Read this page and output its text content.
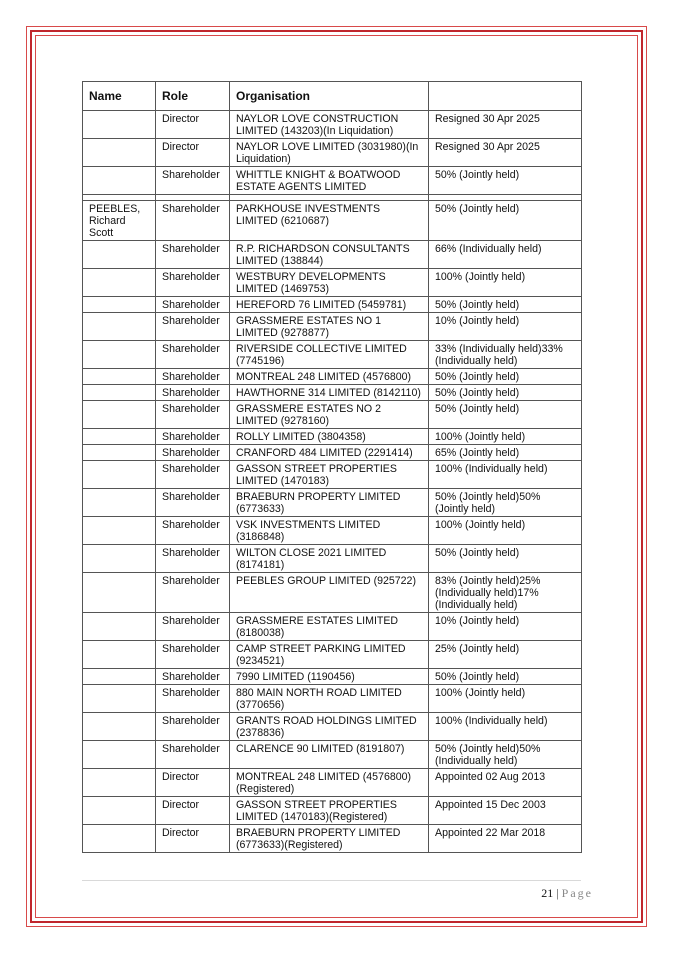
Name	Role	Organisation	
	Director	NAYLOR LOVE CONSTRUCTION LIMITED (143203)(In Liquidation)	Resigned 30 Apr 2025
	Director	NAYLOR LOVE LIMITED (3031980)(In Liquidation)	Resigned 30 Apr 2025
	Shareholder	WHITTLE KNIGHT & BOATWOOD ESTATE AGENTS LIMITED	50% (Jointly held)

PEEBLES, Richard Scott	Shareholder	PARKHOUSE INVESTMENTS LIMITED (6210687)	50% (Jointly held)
	Shareholder	R.P. RICHARDSON CONSULTANTS LIMITED (138844)	66% (Individually held)
	Shareholder	WESTBURY DEVELOPMENTS LIMITED (1469753)	100% (Jointly held)
	Shareholder	HEREFORD 76 LIMITED (5459781)	50% (Jointly held)
	Shareholder	GRASSMERE ESTATES NO 1 LIMITED (9278877)	10% (Jointly held)
	Shareholder	RIVERSIDE COLLECTIVE LIMITED (7745196)	33% (Individually held)33% (Individually held)
	Shareholder	MONTREAL 248 LIMITED (4576800)	50% (Jointly held)
	Shareholder	HAWTHORNE 314 LIMITED (8142110)	50% (Jointly held)
	Shareholder	GRASSMERE ESTATES NO 2 LIMITED (9278160)	50% (Jointly held)
	Shareholder	ROLLY LIMITED (3804358)	100% (Jointly held)
	Shareholder	CRANFORD 484 LIMITED (2291414)	65% (Jointly held)
	Shareholder	GASSON STREET PROPERTIES LIMITED (1470183)	100% (Individually held)
	Shareholder	BRAEBURN PROPERTY LIMITED (6773633)	50% (Jointly held)50% (Jointly held)
	Shareholder	VSK INVESTMENTS LIMITED (3186848)	100% (Jointly held)
	Shareholder	WILTON CLOSE 2021 LIMITED (8174181)	50% (Jointly held)
	Shareholder	PEEBLES GROUP LIMITED (925722)	83% (Jointly held)25% (Individually held)17% (Individually held)
	Shareholder	GRASSMERE ESTATES LIMITED (8180038)	10% (Jointly held)
	Shareholder	CAMP STREET PARKING LIMITED (9234521)	25% (Jointly held)
	Shareholder	7990 LIMITED (1190456)	50% (Jointly held)
	Shareholder	880 MAIN NORTH ROAD LIMITED (3770656)	100% (Jointly held)
	Shareholder	GRANTS ROAD HOLDINGS LIMITED (2378836)	100% (Individually held)
	Shareholder	CLARENCE 90 LIMITED (8191807)	50% (Jointly held)50% (Individually held)
	Director	MONTREAL 248 LIMITED (4576800)(Registered)	Appointed 02 Aug 2013
	Director	GASSON STREET PROPERTIES LIMITED (1470183)(Registered)	Appointed 15 Dec 2003
	Director	BRAEBURN PROPERTY LIMITED (6773633)(Registered)	Appointed 22 Mar 2018
21 | Page
